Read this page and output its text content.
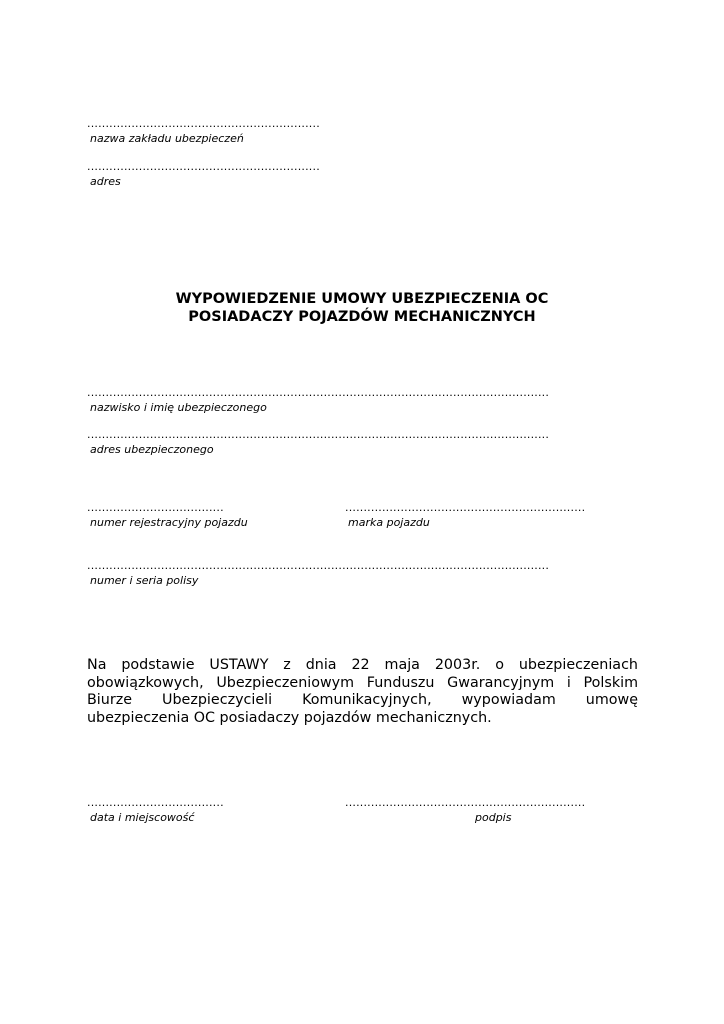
...............................................................
nazwa zakładu ubezpieczeń
...............................................................
adres
WYPOWIEDZENIE UMOWY UBEZPIECZENIA OC
POSIADACZY POJAZDÓW MECHANICZNYCH
.............................................................................................................................
nazwisko i imię ubezpieczonego
.............................................................................................................................
adres ubezpieczonego
.....................................
numer rejestracyjny pojazdu
.................................................................
marka pojazdu
.............................................................................................................................
numer i seria polisy
Na podstawie USTAWY z dnia 22 maja 2003r. o ubezpieczeniach obowiązkowych, Ubezpieczeniowym Funduszu Gwarancyjnym i Polskim Biurze Ubezpieczycieli Komunikacyjnych, wypowiadam umowę ubezpieczenia OC posiadaczy pojazdów mechanicznych.
.....................................
data i miejscowość
.................................................................
podpis
